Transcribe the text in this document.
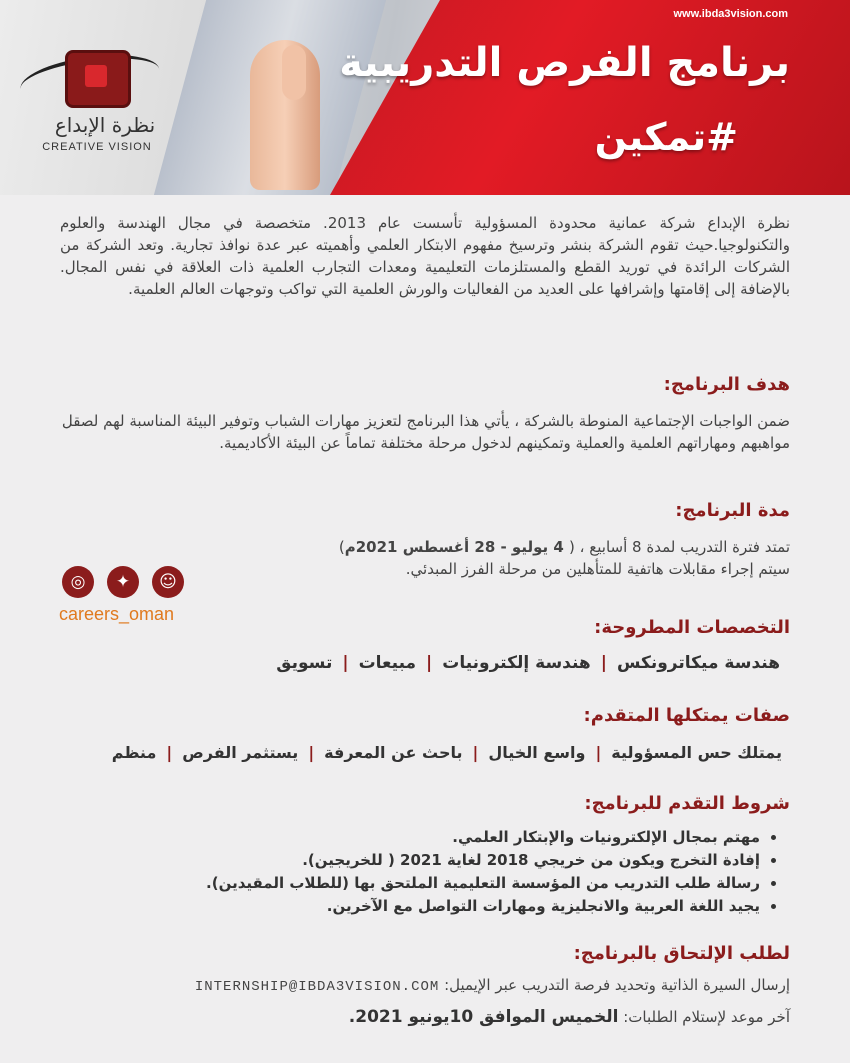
www.ibda3vision.com
برنامج الفرص التدريبية
#تمكين
نظرة الإبداع
CREATIVE VISION
نظرة الإبداع شركة عمانية محدودة المسؤولية تأسست عام 2013. متخصصة في مجال الهندسة والعلوم والتكنولوجيا.حيث تقوم الشركة بنشر وترسيخ مفهوم الابتكار العلمي وأهميته عبر عدة نوافذ تجارية. وتعد الشركة من الشركات الرائدة في توريد القطع والمستلزمات التعليمية ومعدات التجارب العلمية ذات العلاقة في نفس المجال. بالإضافة إلى إقامتها وإشرافها على العديد من الفعاليات والورش العلمية التي تواكب وتوجهات العالم العلمية.
هدف البرنامج:
ضمن الواجبات الإجتماعية المنوطة بالشركة ، يأتي هذا البرنامج لتعزيز مهارات الشباب وتوفير البيئة المناسبة لهم لصقل مواهبهم ومهاراتهم العلمية والعملية وتمكينهم لدخول مرحلة مختلفة تماماً عن البيئة الأكاديمية.
مدة البرنامج:
تمتد فترة التدريب لمدة 8 أسابيع ، ( 4 يوليو - 28 أغسطس 2021م)
سيتم إجراء مقابلات هاتفية للمتأهلين من مرحلة الفرز المبدئي.
التخصصات المطروحة:
هندسة ميكاترونكس|هندسة إلكترونيات|مبيعات|تسويق
صفات يمتكلها المتقدم:
يمتلك حس المسؤولية|واسع الخيال|باحث عن المعرفة|يستثمر الفرص|منظم
شروط التقدم للبرنامج:
• مهتم بمجال الإلكترونيات والإبتكار العلمي.
• إفادة التخرج ويكون من خريجي 2018 لغاية 2021 ( للخريجين).
• رسالة طلب التدريب من المؤسسة التعليمية الملتحق بها (للطلاب المقيدين).
• يجيد اللغة العربية والانجليزية ومهارات التواصل مع الآخرين.
لطلب الإلتحاق بالبرنامج:
إرسال السيرة الذاتية وتحديد فرصة التدريب عبر الإيميل: INTERNSHIP@IBDA3VISION.COM
آخر موعد لإستلام الطلبات: الخميس الموافق 10يونيو 2021.
◎	✦	☺
careers_oman
